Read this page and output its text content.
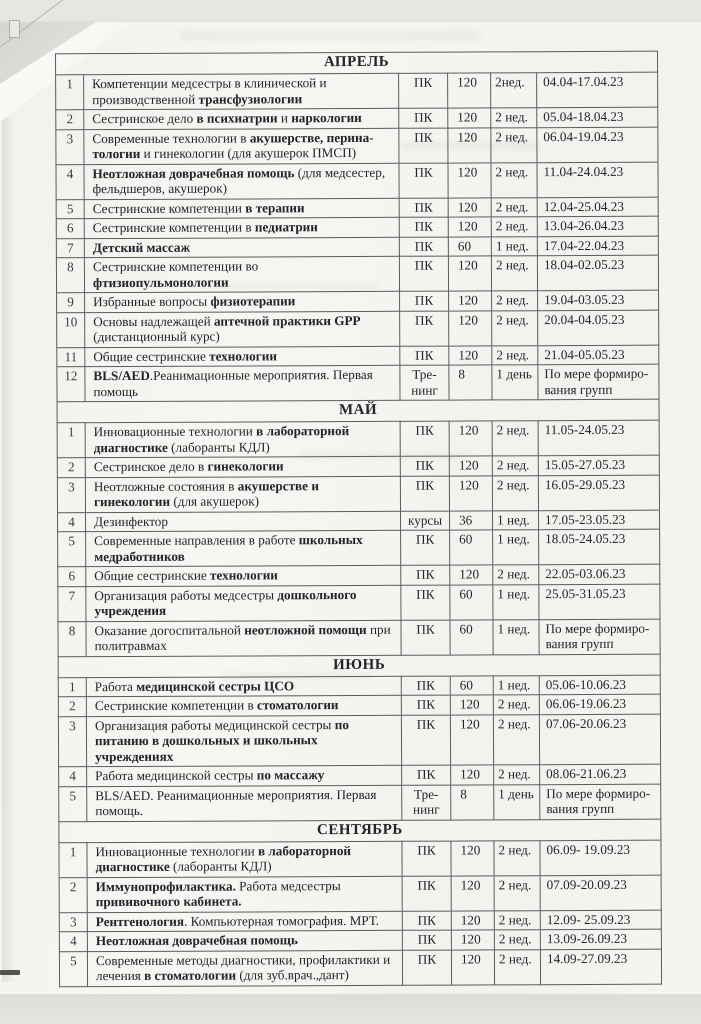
АПРЕЛЬ					
1	Компетенции медсестры в клинической и производственной трансфузиологии	ПК	120	2нед.	04.04-17.04.23
2	Сестринское дело в психиатрии и наркологии	ПК	120	2 нед.	05.04-18.04.23
3	Современные технологии в акушерстве, перина-тологии и гинекологии (для акушерок ПМСП)	ПК	120	2 нед.	06.04-19.04.23
4	Неотложная доврачебная помощь (для медсестер, фельдшеров, акушерок)	ПК	120	2 нед.	11.04-24.04.23
5	Сестринские компетенции в терапии	ПК	120	2 нед.	12.04-25.04.23
6	Сестринские компетенции в педиатрии	ПК	120	2 нед.	13.04-26.04.23
7	Детский массаж	ПК	60	1 нед.	17.04-22.04.23
8	Сестринские компетенции во фтизиопульмонологии	ПК	120	2 нед.	18.04-02.05.23
9	Избранные вопросы физиотерапии	ПК	120	2 нед.	19.04-03.05.23
10	Основы надлежащей аптечной практики GPP (дистанционный курс)	ПК	120	2 нед.	20.04-04.05.23
11	Общие сестринские технологии	ПК	120	2 нед.	21.04-05.05.23
12	BLS/AED.Реанимационные мероприятия. Первая помощь	Тре-нинг	8	1 день	По мере формиро-вания групп
МАЙ					
1	Инновационные технологии в лабораторной диагностике (лаборанты КДЛ)	ПК	120	2 нед.	11.05-24.05.23
2	Сестринское дело в гинекологии	ПК	120	2 нед.	15.05-27.05.23
3	Неотложные состояния в акушерстве и гинекологии (для акушерок)	ПК	120	2 нед.	16.05-29.05.23
4	Дезинфектор	курсы	36	1 нед.	17.05-23.05.23
5	Современные направления в работе школьных медработников	ПК	60	1 нед.	18.05-24.05.23
6	Общие сестринские технологии	ПК	120	2 нед.	22.05-03.06.23
7	Организация работы медсестры дошкольного учреждения	ПК	60	1 нед.	25.05-31.05.23
8	Оказание догоспитальной неотложной помощи при политравмах	ПК	60	1 нед.	По мере формиро-вания групп
ИЮНЬ					
1	Работа медицинской сестры ЦСО	ПК	60	1 нед.	05.06-10.06.23
2	Сестринские компетенции в стоматологии	ПК	120	2 нед.	06.06-19.06.23
3	Организация работы медицинской сестры по питанию в дошкольных и школьных учреждениях	ПК	120	2 нед.	07.06-20.06.23
4	Работа медицинской сестры по массажу	ПК	120	2 нед.	08.06-21.06.23
5	BLS/AED. Реанимационные мероприятия. Первая помощь.	Тре-нинг	8	1 день	По мере формиро-вания групп
СЕНТЯБРЬ					
1	Инновационные технологии в лабораторной диагностике (лаборанты КДЛ)	ПК	120	2 нед.	06.09- 19.09.23
2	Иммунопрофилактика. Работа медсестры прививочного кабинета.	ПК	120	2 нед.	07.09-20.09.23
3	Рентгенология. Компьютерная томография. МРТ.	ПК	120	2 нед.	12.09- 25.09.23
4	Неотложная доврачебная помощь	ПК	120	2 нед.	13.09-26.09.23
5	Современные методы диагностики, профилактики и лечения в стоматологии (для зуб.врач.,дант)	ПК	120	2 нед.	14.09-27.09.23
